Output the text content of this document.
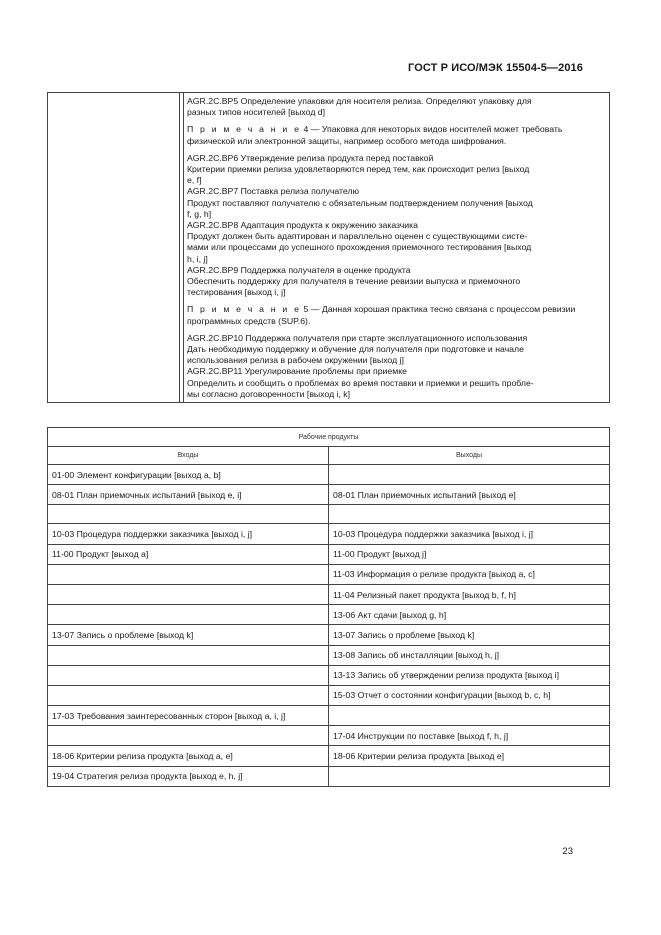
ГОСТ Р ИСО/МЭК 15504-5—2016

AGR.2C.BP5 Определение упаковки для носителя релиза. Определяют упаковку для

разных типов носителей [выход d]

П р и м е ч а н и е 4 — Упаковка для некоторых видов носителей может требовать

физической или электронной защиты, например особого метода шифрования.

AGR.2C.BP6 Утверждение релиза продукта перед поставкой

Критерии приемки релиза удовлетворяются перед тем, как происходит релиз [выход

e, f]

AGR.2C.BP7 Поставка релиза получателю

Продукт поставляют получателю с обязательным подтверждением получения [выход

f, g, h]

AGR.2C.BP8 Адаптация продукта к окружению заказчика

Продукт должен быть адаптирован и параллельно оценен с существующими систе-

мами или процессами до успешного прохождения приемочного тестирования [выход

h, i, j]

AGR.2C.BP9 Поддержка получателя в оценке продукта

Обеспечить поддержку для получателя в течение ревизии выпуска и приемочного

тестирования [выход i, j]

П р и м е ч а н и е 5 — Данная хорошая практика тесно связана с процессом ревизии

программных средств (SUP.6).

AGR.2C.BP10 Поддержка получателя при старте эксплуатационного использования

Дать необходимую поддержку и обучение для получателя при подготовке и начале

использования релиза в рабочем окружении [выход j]

AGR.2C.BP11 Урегулирование проблемы при приемке

Определить и сообщить о проблемах во время поставки и приемки и решить пробле-

мы согласно договоренности [выход i, k]

Рабочие продукты	
Входы	Выходы
01-00 Элемент конфигурации [выход a, b]	
08-01 План приемочных испытаний [выход e, i]	08-01 План приемочных испытаний [выход e]

10-03 Процедура поддержки заказчика [выход i, j]	10-03 Процедура поддержки заказчика [выход i, j]
11-00 Продукт [выход a]	11-00 Продукт [выход j]
	11-03 Информация о релизе продукта [выход a, c]
	11-04 Релизный пакет продукта [выход b, f, h]
	13-06 Акт сдачи [выход g, h]
13-07 Запись о проблеме [выход k]	13-07 Запись о проблеме [выход k]
	13-08 Запись об инсталляции [выход h, j]
	13-13 Запись об утверждении релиза продукта [выход i]
	15-03 Отчет о состоянии конфигурации [выход b, c, h]
17-03 Требования заинтересованных сторон [выход a, i, j]	
	17-04 Инструкции по поставке [выход f, h, j]
18-06 Критерии релиза продукта [выход a, e]	18-06 Критерии релиза продукта [выход e]
19-04 Стратегия релиза продукта [выход e, h, j]	
23
